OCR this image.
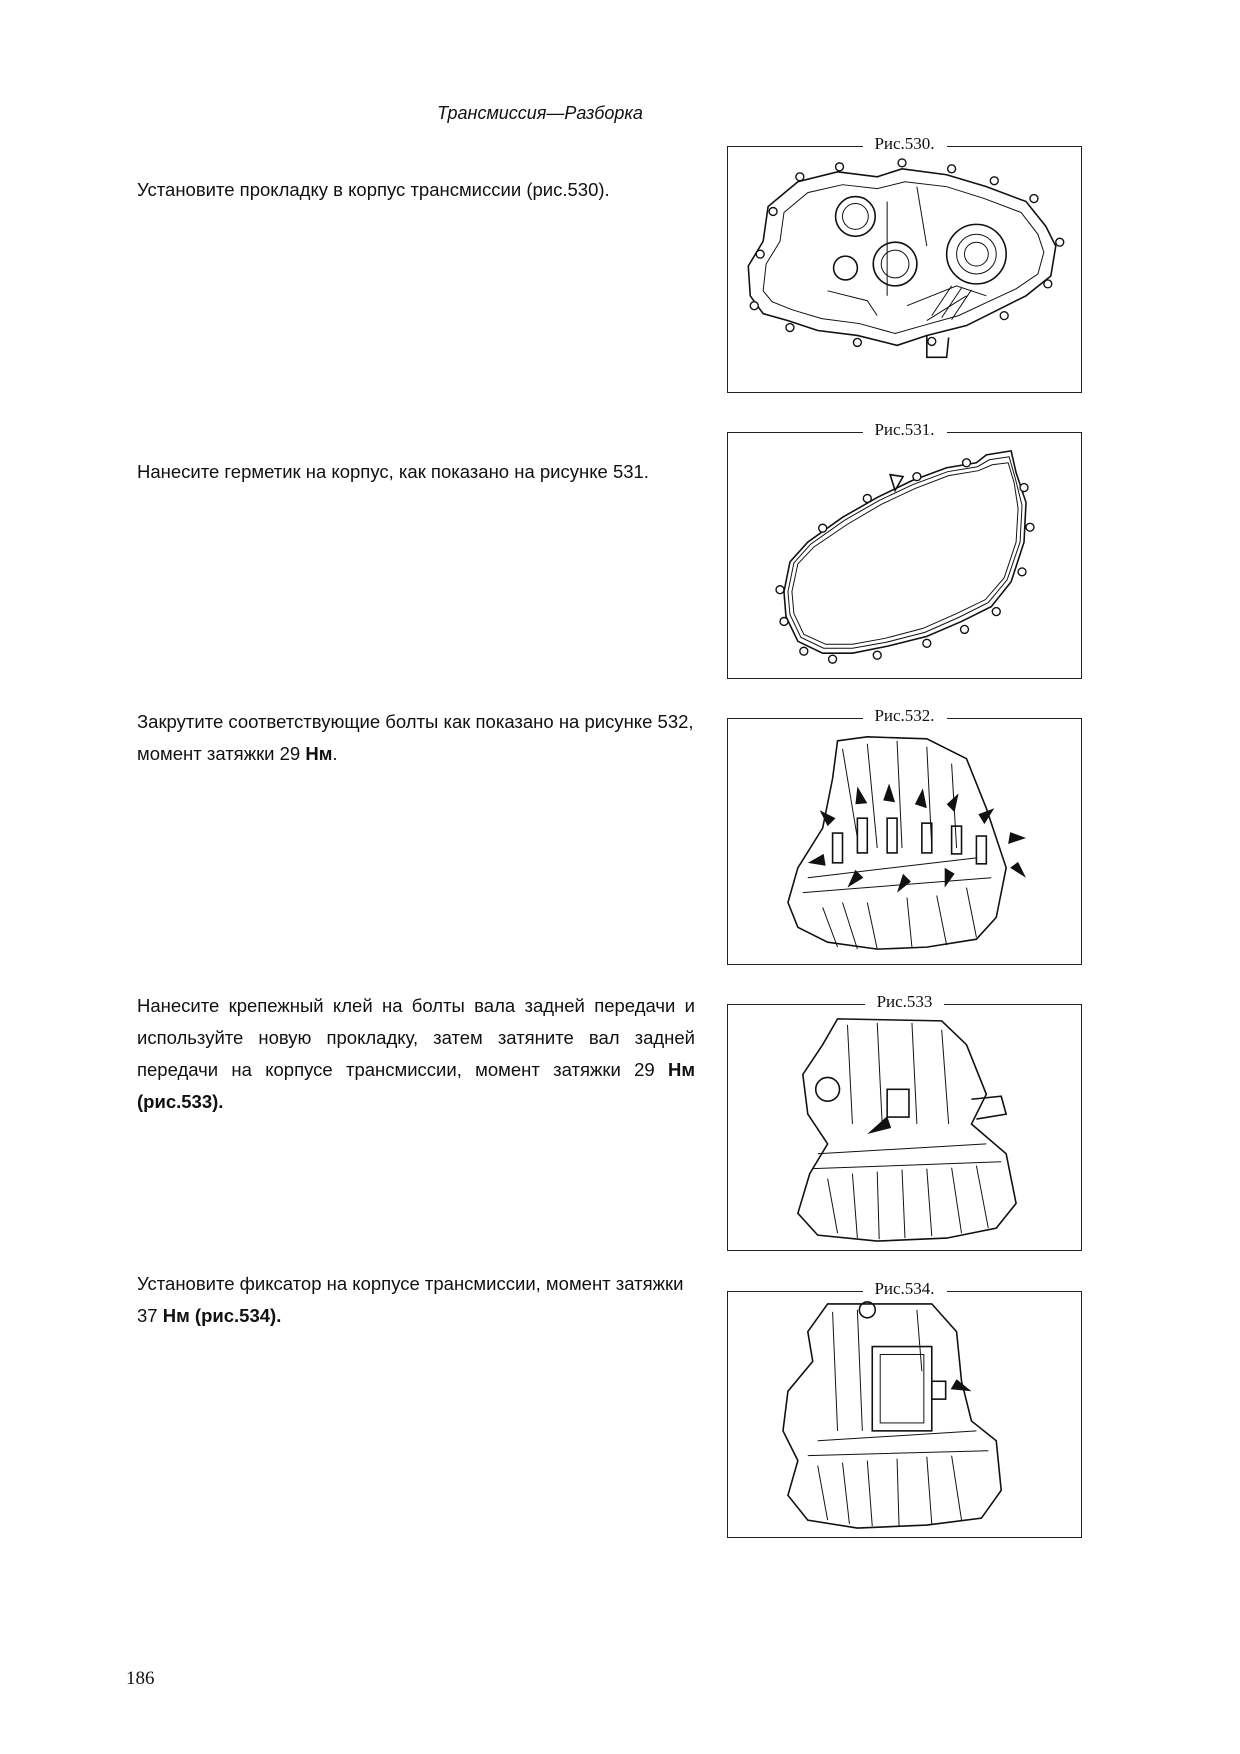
Трансмиссия—Разборка
Установите прокладку в корпус трансмиссии (рис.530).
Рис.530.
Нанесите герметик на корпус, как показано на рисунке 531.
Рис.531.
Закрутите соответствующие болты как показано на рисунке 532, момент затяжки 29 Нм.
Рис.532.
Нанесите крепежный клей на болты вала задней передачи и используйте новую прокладку, затем затяните вал задней передачи на корпусе трансмиссии, момент затяжки 29 Нм (рис.533).
Рис.533
Установите фиксатор на корпусе трансмиссии, момент затяжки 37 Нм (рис.534).
Рис.534.
186
